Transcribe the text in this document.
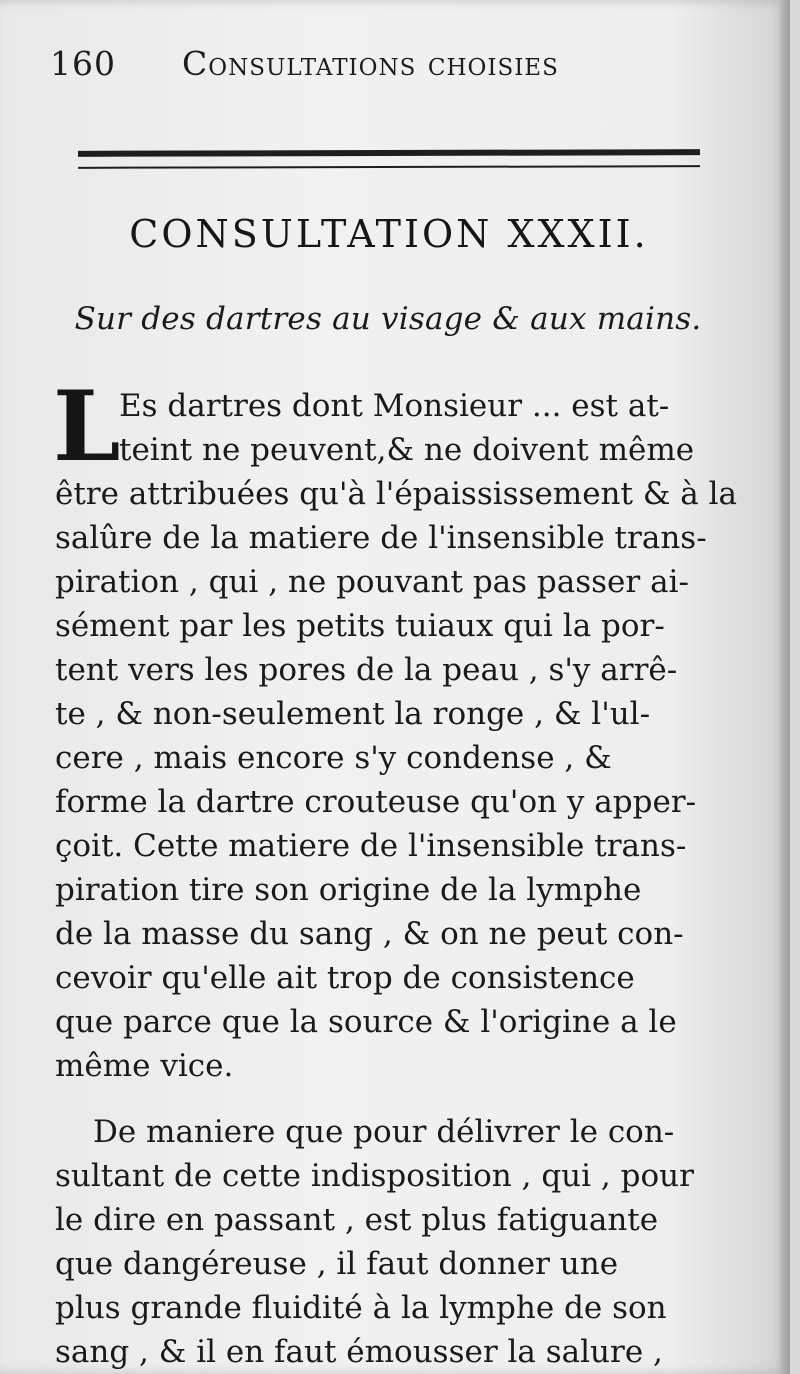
160 Consultations choisies
CONSULTATION XXXII.
Sur des dartres au visage & aux mains.
L
Es dartres dont Monsieur ... est at-
teint ne peuvent,& ne doivent même
être attribuées qu'à l'épaississement & à la
salûre de la matiere de l'insensible trans-
piration , qui , ne pouvant pas passer ai-
sément par les petits tuiaux qui la por-
tent vers les pores de la peau , s'y arrê-
te , & non-seulement la ronge , & l'ul-
cere , mais encore s'y condense , &
forme la dartre crouteuse qu'on y apper-
çoit. Cette matiere de l'insensible trans-
piration tire son origine de la lymphe
de la masse du sang , & on ne peut con-
cevoir qu'elle ait trop de consistence
que parce que la source & l'origine a le
même vice.
De maniere que pour délivrer le con-
sultant de cette indisposition , qui , pour
le dire en passant , est plus fatiguante
que dangéreuse , il faut donner une
plus grande fluidité à la lymphe de son
sang , & il en faut émousser la salure ,
